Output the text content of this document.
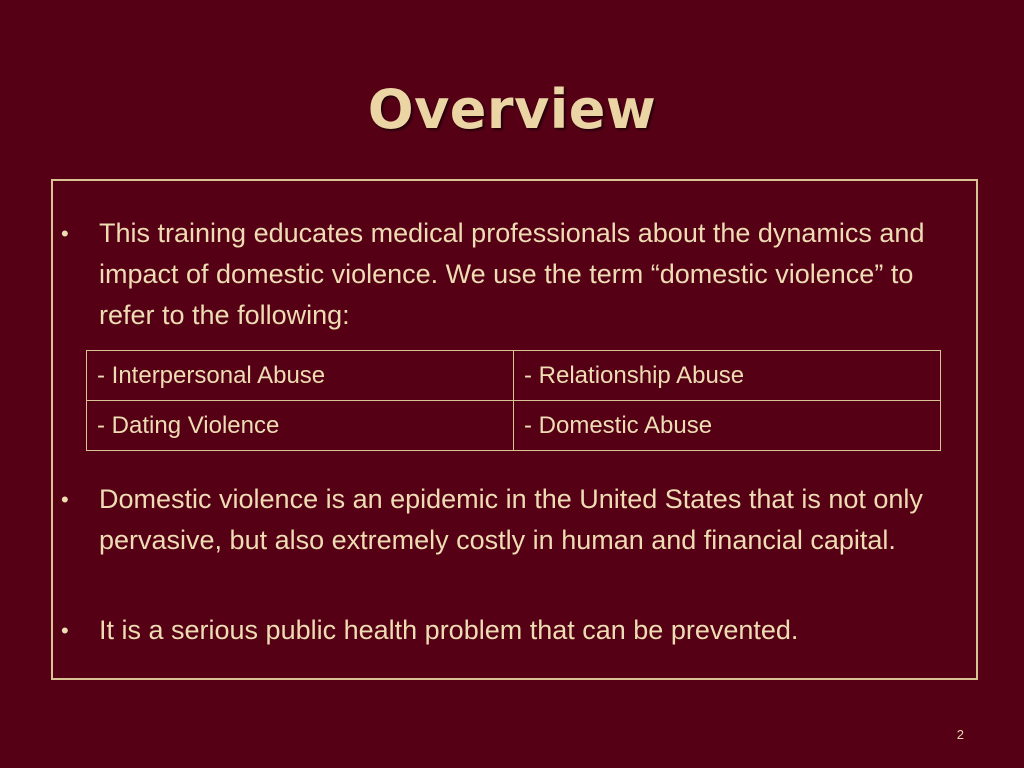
Overview
• This training educates medical professionals about the dynamics and impact of domestic violence. We use the term “domestic violence” to refer to the following:
- Interpersonal Abuse	- Relationship Abuse
- Dating Violence	- Domestic Abuse
• Domestic violence is an epidemic in the United States that is not only pervasive, but also extremely costly in human and financial capital.
• It is a serious public health problem that can be prevented.
2
